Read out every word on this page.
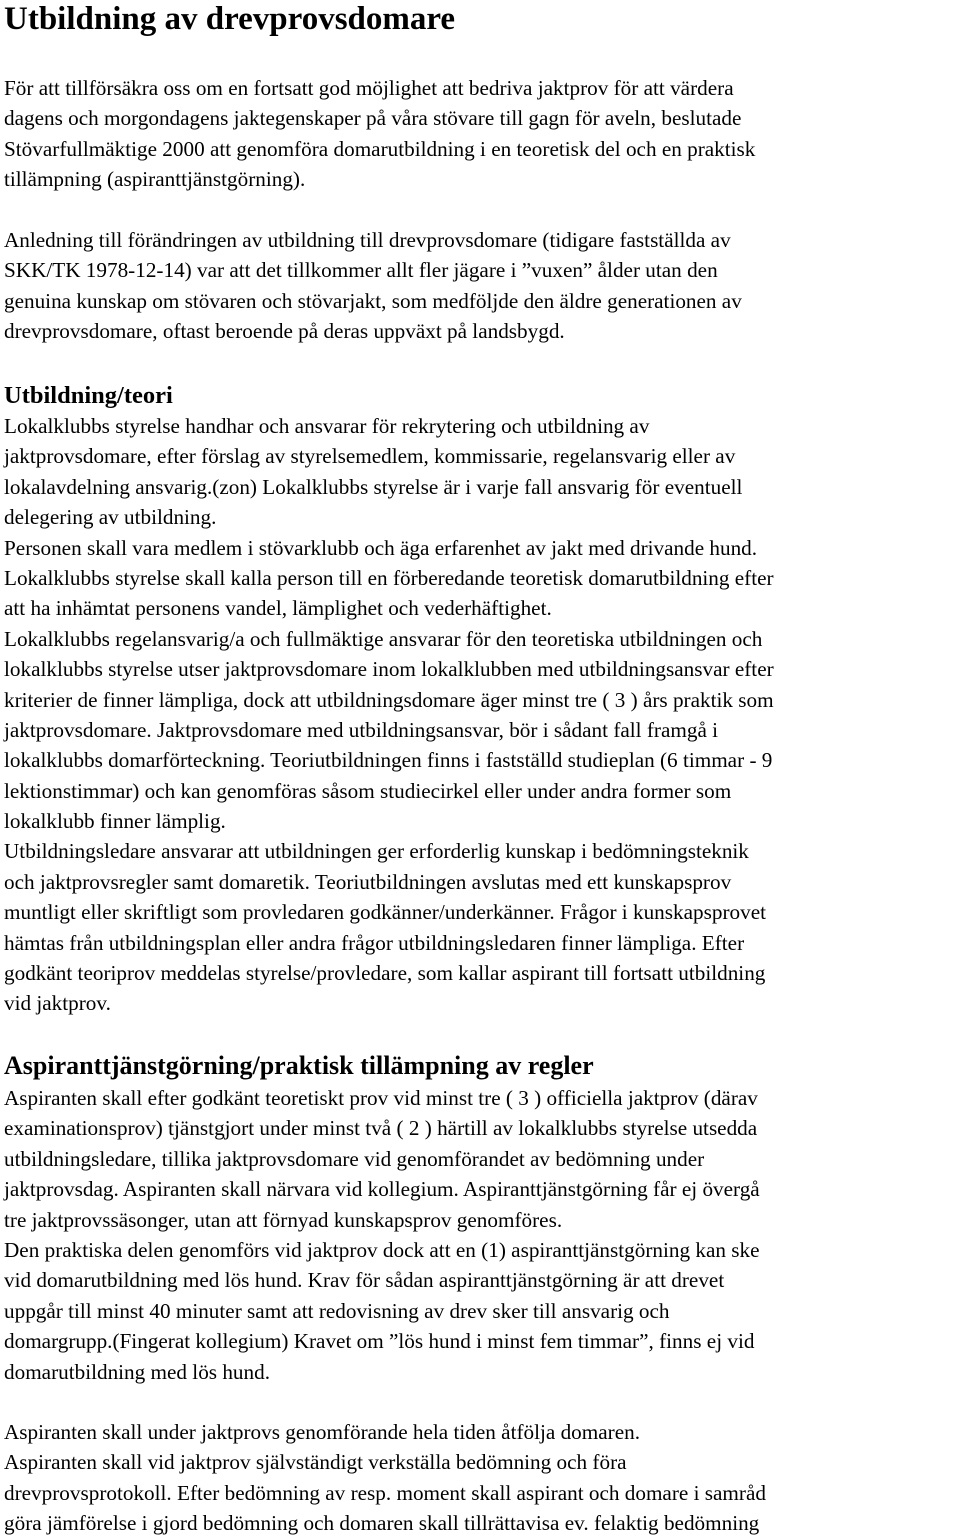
Utbildning av drevprovsdomare
För att tillförsäkra oss om en fortsatt god möjlighet att bedriva jaktprov för att värdera
dagens och morgondagens jaktegenskaper på våra stövare till gagn för aveln, beslutade
Stövarfullmäktige 2000 att genomföra domarutbildning i en teoretisk del och en praktisk
tillämpning (aspiranttjänstgörning).
Anledning till förändringen av utbildning till drevprovsdomare (tidigare fastställda av
SKK/TK 1978-12-14) var att det tillkommer allt fler jägare i ”vuxen” ålder utan den
genuina kunskap om stövaren och stövarjakt, som medföljde den äldre generationen av
drevprovsdomare, oftast beroende på deras uppväxt på landsbygd.
Utbildning/teori
Lokalklubbs styrelse handhar och ansvarar för rekrytering och utbildning av
jaktprovsdomare, efter förslag av styrelsemedlem, kommissarie, regelansvarig eller av
lokalavdelning ansvarig.(zon) Lokalklubbs styrelse är i varje fall ansvarig för eventuell
delegering av utbildning.
Personen skall vara medlem i stövarklubb och äga erfarenhet av jakt med drivande hund.
Lokalklubbs styrelse skall kalla person till en förberedande teoretisk domarutbildning efter
att ha inhämtat personens vandel, lämplighet och vederhäftighet.
Lokalklubbs regelansvarig/a och fullmäktige ansvarar för den teoretiska utbildningen och
lokalklubbs styrelse utser jaktprovsdomare inom lokalklubben med utbildningsansvar efter
kriterier de finner lämpliga, dock att utbildningsdomare äger minst tre ( 3 ) års praktik som
jaktprovsdomare. Jaktprovsdomare med utbildningsansvar, bör i sådant fall framgå i
lokalklubbs domarförteckning. Teoriutbildningen finns i fastställd studieplan (6 timmar - 9
lektionstimmar) och kan genomföras såsom studiecirkel eller under andra former som
lokalklubb finner lämplig.
Utbildningsledare ansvarar att utbildningen ger erforderlig kunskap i bedömningsteknik
och jaktprovsregler samt domaretik. Teoriutbildningen avslutas med ett kunskapsprov
muntligt eller skriftligt som provledaren godkänner/underkänner. Frågor i kunskapsprovet
hämtas från utbildningsplan eller andra frågor utbildningsledaren finner lämpliga. Efter
godkänt teoriprov meddelas styrelse/provledare, som kallar aspirant till fortsatt utbildning
vid jaktprov.
Aspiranttjänstgörning/praktisk tillämpning av regler
Aspiranten skall efter godkänt teoretiskt prov vid minst tre ( 3 ) officiella jaktprov (därav
examinationsprov) tjänstgjort under minst två ( 2 ) härtill av lokalklubbs styrelse utsedda
utbildningsledare, tillika jaktprovsdomare vid genomförandet av bedömning under
jaktprovsdag. Aspiranten skall närvara vid kollegium. Aspiranttjänstgörning får ej övergå
tre jaktprovssäsonger, utan att förnyad kunskapsprov genomföres.
Den praktiska delen genomförs vid jaktprov dock att en (1) aspiranttjänstgörning kan ske
vid domarutbildning med lös hund. Krav för sådan aspiranttjänstgörning är att drevet
uppgår till minst 40 minuter samt att redovisning av drev sker till ansvarig och
domargrupp.(Fingerat kollegium) Kravet om ”lös hund i minst fem timmar”, finns ej vid
domarutbildning med lös hund.
Aspiranten skall under jaktprovs genomförande hela tiden åtfölja domaren.
Aspiranten skall vid jaktprov självständigt verkställa bedömning och föra
drevprovsprotokoll. Efter bedömning av resp. moment skall aspirant och domare i samråd
göra jämförelse i gjord bedömning och domaren skall tillrättavisa ev. felaktig bedömning
